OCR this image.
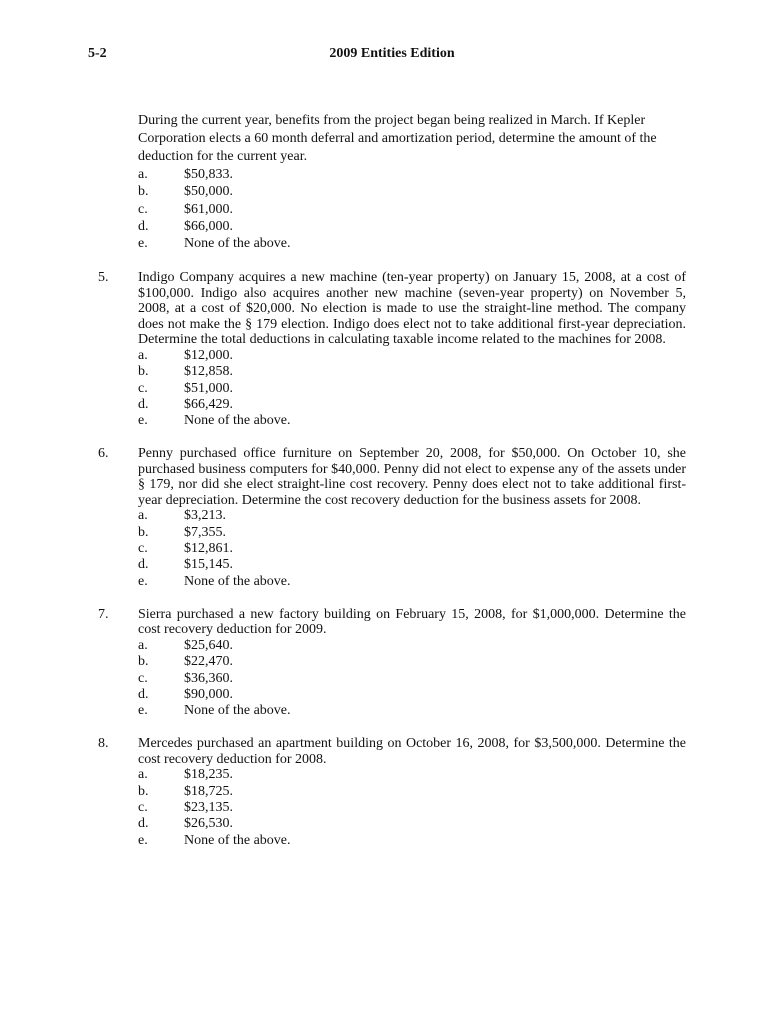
5-2	2009 Entities Edition
During the current year, benefits from the project began being realized in March. If Kepler Corporation elects a 60 month deferral and amortization period, determine the amount of the deduction for the current year.
a.	$50,833.
b.	$50,000.
c.	$61,000.
d.	$66,000.
e.	None of the above.
5.	Indigo Company acquires a new machine (ten-year property) on January 15, 2008, at a cost of $100,000. Indigo also acquires another new machine (seven-year property) on November 5, 2008, at a cost of $20,000. No election is made to use the straight-line method. The company does not make the § 179 election. Indigo does elect not to take additional first-year depreciation. Determine the total deductions in calculating taxable income related to the machines for 2008.
a.	$12,000.
b.	$12,858.
c.	$51,000.
d.	$66,429.
e.	None of the above.
6.	Penny purchased office furniture on September 20, 2008, for $50,000. On October 10, she purchased business computers for $40,000. Penny did not elect to expense any of the assets under § 179, nor did she elect straight-line cost recovery. Penny does elect not to take additional first-year depreciation. Determine the cost recovery deduction for the business assets for 2008.
a.	$3,213.
b.	$7,355.
c.	$12,861.
d.	$15,145.
e.	None of the above.
7.	Sierra purchased a new factory building on February 15, 2008, for $1,000,000. Determine the cost recovery deduction for 2009.
a.	$25,640.
b.	$22,470.
c.	$36,360.
d.	$90,000.
e.	None of the above.
8.	Mercedes purchased an apartment building on October 16, 2008, for $3,500,000. Determine the cost recovery deduction for 2008.
a.	$18,235.
b.	$18,725.
c.	$23,135.
d.	$26,530.
e.	None of the above.
